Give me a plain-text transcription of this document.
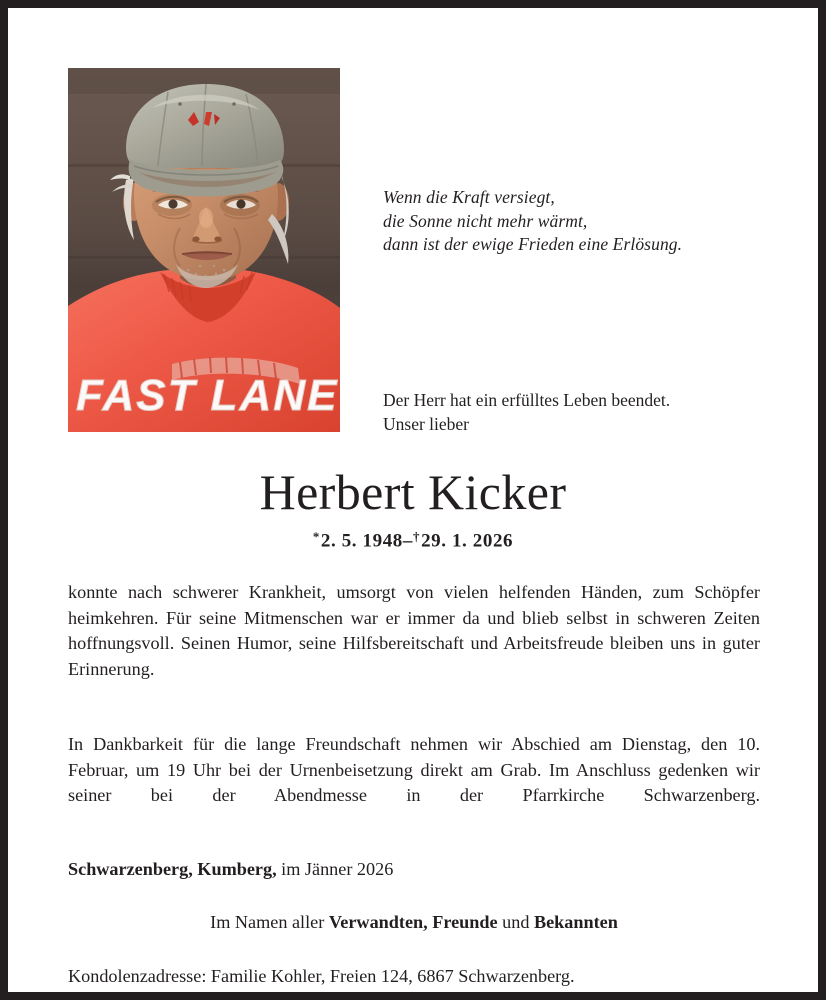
FAST LANE
Wenn die Kraft versiegt,
die Sonne nicht mehr wärmt,
dann ist der ewige Frieden eine Erlösung.
Der Herr hat ein erfülltes Leben beendet.
Unser lieber
Herbert Kicker
*2. 5. 1948–†29. 1. 2026

konnte nach schwerer Krankheit, umsorgt von vielen helfenden Händen, zum Schöpfer heimkehren. Für seine Mitmenschen war er immer da und blieb selbst in schweren Zeiten hoffnungsvoll. Seinen Humor, seine Hilfsbereitschaft und Arbeitsfreude bleiben uns in guter Erinnerung.

In Dankbarkeit für die lange Freundschaft nehmen wir Abschied am Dienstag, den 10. Februar, um 19 Uhr bei der Urnenbeisetzung direkt am Grab. Im Anschluss gedenken wir seiner bei der Abendmesse in der Pfarrkirche Schwarzenberg.

Schwarzenberg, Kumberg, im Jänner 2026
Im Namen aller Verwandten, Freunde und Bekannten
Kondolenzadresse: Familie Kohler, Freien 124, 6867 Schwarzenberg.
